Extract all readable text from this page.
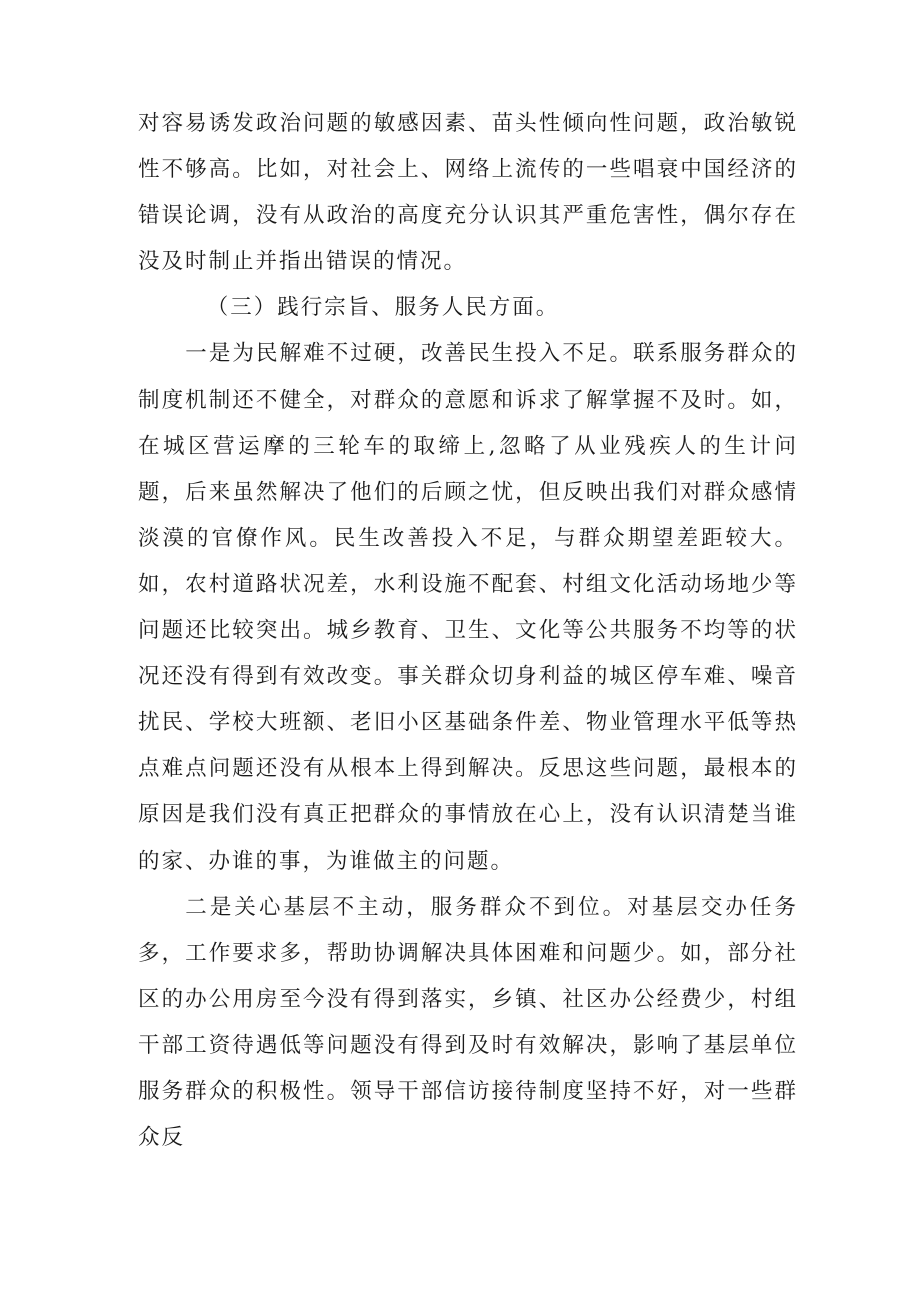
对容易诱发政治问题的敏感因素、苗头性倾向性问题，政治敏锐性不够高。比如，对社会上、网络上流传的一些唱衰中国经济的错误论调，没有从政治的高度充分认识其严重危害性，偶尔存在没及时制止并指出错误的情况。

（三）践行宗旨、服务人民方面。

一是为民解难不过硬，改善民生投入不足。联系服务群众的制度机制还不健全，对群众的意愿和诉求了解掌握不及时。如，在城区营运摩的三轮车的取缔上,忽略了从业残疾人的生计问题，后来虽然解决了他们的后顾之忧，但反映出我们对群众感情淡漠的官僚作风。民生改善投入不足，与群众期望差距较大。如，农村道路状况差，水利设施不配套、村组文化活动场地少等问题还比较突出。城乡教育、卫生、文化等公共服务不均等的状况还没有得到有效改变。事关群众切身利益的城区停车难、噪音扰民、学校大班额、老旧小区基础条件差、物业管理水平低等热点难点问题还没有从根本上得到解决。反思这些问题，最根本的原因是我们没有真正把群众的事情放在心上，没有认识清楚当谁的家、办谁的事，为谁做主的问题。

二是关心基层不主动，服务群众不到位。对基层交办任务多，工作要求多，帮助协调解决具体困难和问题少。如，部分社区的办公用房至今没有得到落实，乡镇、社区办公经费少，村组干部工资待遇低等问题没有得到及时有效解决，影响了基层单位服务群众的积极性。领导干部信访接待制度坚持不好，对一些群众反
